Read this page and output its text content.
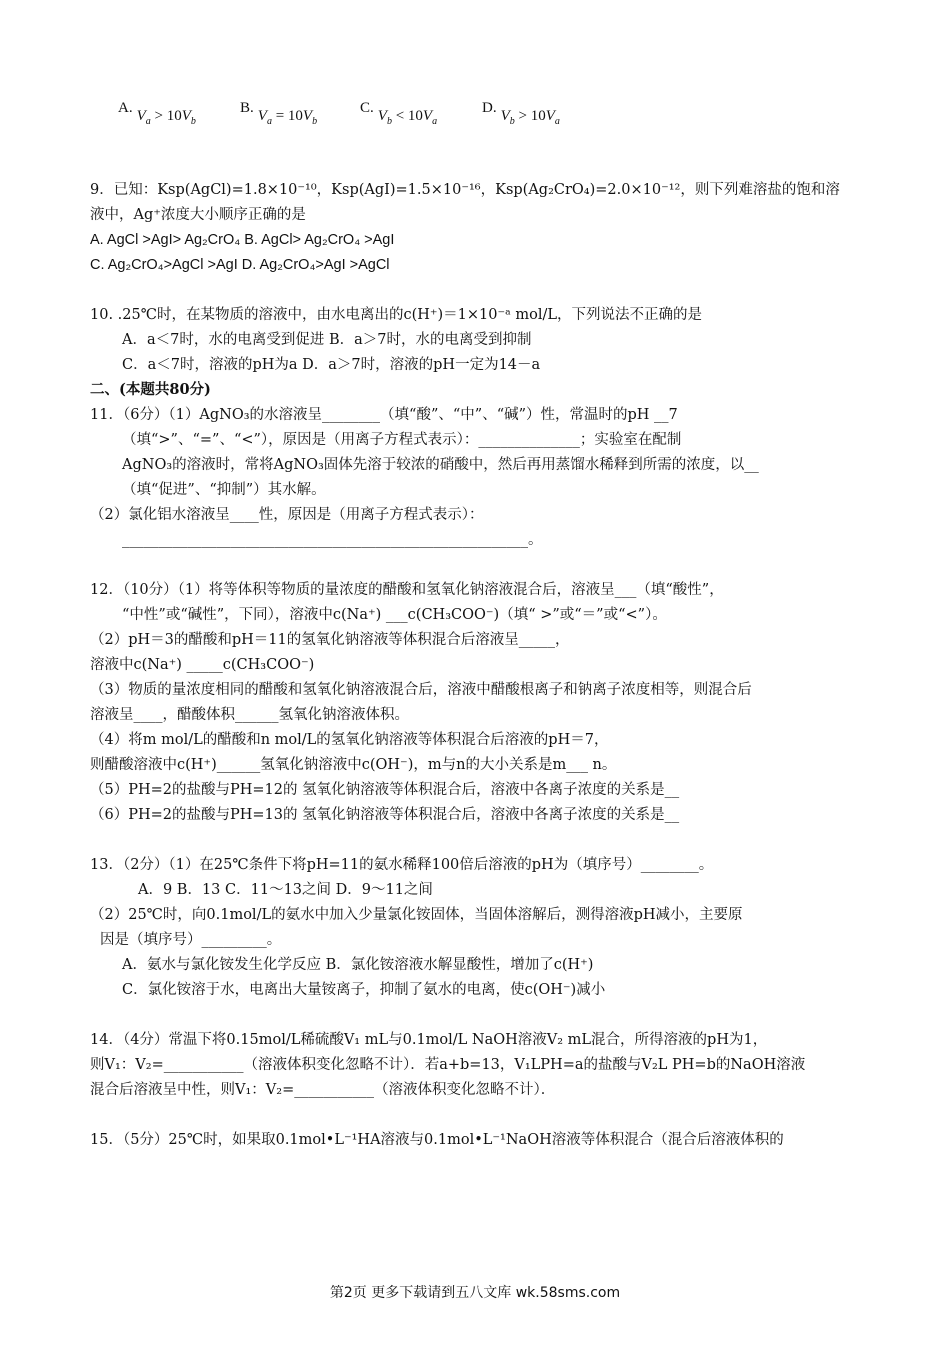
A. $V_a > 10V_b$
B. $V_a = 10V_b$
C. $V_b < 10V_a$
D. $V_b > 10V_a$
9．已知：Ksp(AgCl)=1.8×10⁻¹⁰，Ksp(AgI)=1.5×10⁻¹⁶，Ksp(Ag₂CrO₄)=2.0×10⁻¹²，则下列难溶盐的饱和溶
液中，Ag⁺浓度大小顺序正确的是
A. AgCl >AgI> Ag₂CrO₄ B. AgCl> Ag₂CrO₄ >AgI
C. Ag₂CrO₄>AgCl >AgI D. Ag₂CrO₄>AgI >AgCl
10. .25℃时，在某物质的溶液中，由水电离出的c(H⁺)＝1×10⁻ᵃ mol/L，下列说法不正确的是
A．a＜7时，水的电离受到促进 B．a＞7时，水的电离受到抑制
C．a＜7时，溶液的pH为a D．a＞7时，溶液的pH一定为14－a
二、(本题共80分)
11．（6分）（1）AgNO₃的水溶液呈________（填“酸”、“中”、“碱”）性，常温时的pH __7
（填“>”、“=”、“<”），原因是（用离子方程式表示）：______________；实验室在配制
AgNO₃的溶液时，常将AgNO₃固体先溶于较浓的硝酸中，然后再用蒸馏水稀释到所需的浓度，以__
（填“促进”、“抑制”）其水解。
（2）氯化铝水溶液呈____性，原因是（用离子方程式表示）：
________________________________________________________。
12．（10分）（1）将等体积等物质的量浓度的醋酸和氢氧化钠溶液混合后，溶液呈___（填“酸性”，
“中性”或“碱性”，下同），溶液中c(Na⁺) ___c(CH₃COO⁻)（填“ >”或“＝”或“<”）。
（2）pH＝3的醋酸和pH＝11的氢氧化钠溶液等体积混合后溶液呈_____，
溶液中c(Na⁺) _____c(CH₃COO⁻)
（3）物质的量浓度相同的醋酸和氢氧化钠溶液混合后，溶液中醋酸根离子和钠离子浓度相等，则混合后
溶液呈____，醋酸体积______氢氧化钠溶液体积。
（4）将m mol/L的醋酸和n mol/L的氢氧化钠溶液等体积混合后溶液的pH＝7，
则醋酸溶液中c(H⁺)______氢氧化钠溶液中c(OH⁻)，m与n的大小关系是m___ n。
（5）PH=2的盐酸与PH=12的 氢氧化钠溶液等体积混合后，溶液中各离子浓度的关系是__
（6）PH=2的盐酸与PH=13的 氢氧化钠溶液等体积混合后，溶液中各离子浓度的关系是__
13．（2分）（1）在25℃条件下将pH=11的氨水稀释100倍后溶液的pH为（填序号）________。
A．9 B．13 C．11～13之间 D．9～11之间
（2）25℃时，向0.1mol/L的氨水中加入少量氯化铵固体，当固体溶解后，测得溶液pH减小，主要原
因是（填序号）_________。
A．氨水与氯化铵发生化学反应 B．氯化铵溶液水解显酸性，增加了c(H⁺)
C．氯化铵溶于水，电离出大量铵离子，抑制了氨水的电离，使c(OH⁻)减小
14．（4分）常温下将0.15mol/L稀硫酸V₁ mL与0.1mol/L NaOH溶液V₂ mL混合，所得溶液的pH为1，
则V₁：V₂=___________（溶液体积变化忽略不计）．若a+b=13，V₁LPH=a的盐酸与V₂L PH=b的NaOH溶液
混合后溶液呈中性，则V₁：V₂=___________（溶液体积变化忽略不计）．
15．（5分）25℃时，如果取0.1mol•L⁻¹HA溶液与0.1mol•L⁻¹NaOH溶液等体积混合（混合后溶液体积的
第2页 更多下载请到五八文库 wk.58sms.com
